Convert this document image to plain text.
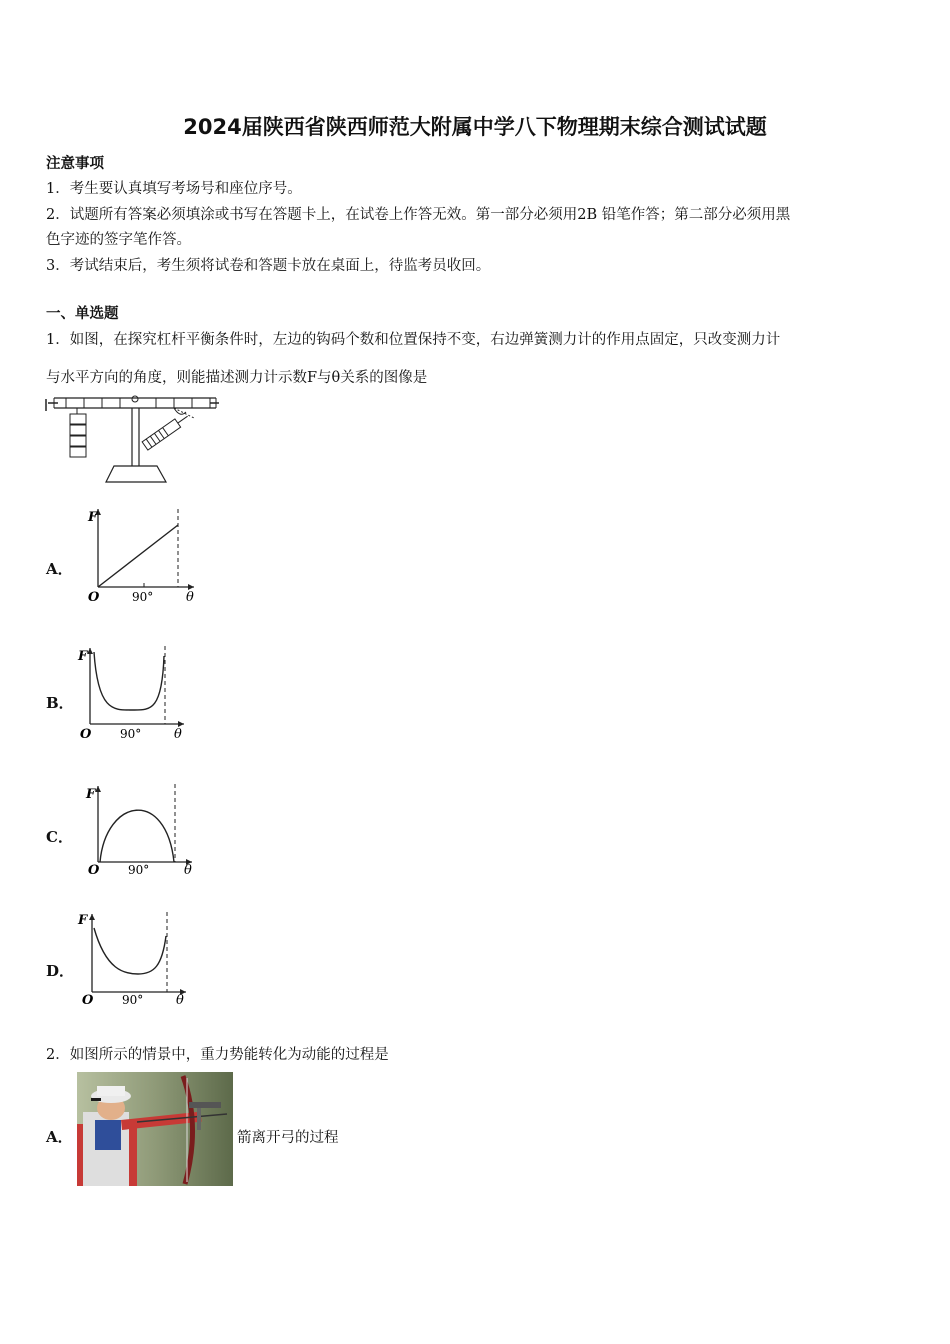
2024届陕西省陕西师范大附属中学八下物理期末综合测试试题
注意事项
1．考生要认真填写考场号和座位序号。
2．试题所有答案必须填涂或书写在答题卡上，在试卷上作答无效。第一部分必须用2B 铅笔作答；第二部分必须用黑
色字迹的签字笔作答。
3．考试结束后，考生须将试卷和答题卡放在桌面上，待监考员收回。
一、单选题
1．如图，在探究杠杆平衡条件时，左边的钩码个数和位置保持不变，右边弹簧测力计的作用点固定，只改变测力计
与水平方向的角度，则能描述测力计示数F与θ关系的图像是
A．
F
O	90°	θ
B．
F
O 90°	θ
C．
F
O 90°	θ
D．
F
O 90°	θ
2．如图所示的情景中，重力势能转化为动能的过程是
A．	箭离开弓的过程
